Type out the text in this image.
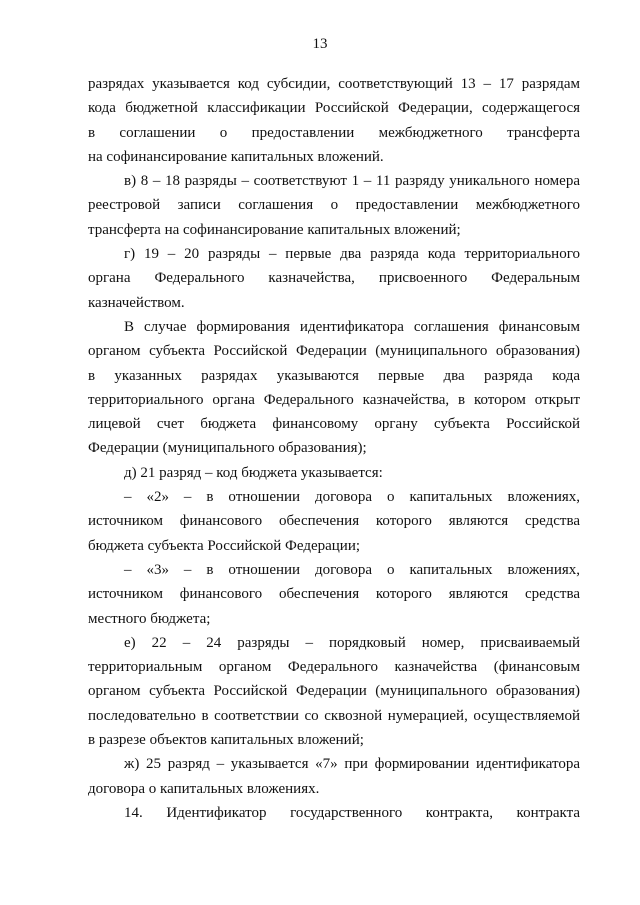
13
разрядах указывается код субсидии, соответствующий 13 – 17 разрядам
кода бюджетной классификации Российской Федерации, содержащегося
в соглашении о предоставлении межбюджетного трансферта
на софинансирование капитальных вложений.
в) 8 – 18 разряды – соответствуют 1 – 11 разряду уникального номера
реестровой записи соглашения о предоставлении межбюджетного
трансферта на софинансирование капитальных вложений;
г) 19 – 20 разряды – первые два разряда кода территориального
органа Федерального казначейства, присвоенного Федеральным
казначейством.
В случае формирования идентификатора соглашения финансовым
органом субъекта Российской Федерации (муниципального образования)
в указанных разрядах указываются первые два разряда кода
территориального органа Федерального казначейства, в котором открыт
лицевой счет бюджета финансовому органу субъекта Российской
Федерации (муниципального образования);
д) 21 разряд – код бюджета указывается:
– «2» – в отношении договора о капитальных вложениях,
источником финансового обеспечения которого являются средства
бюджета субъекта Российской Федерации;
– «3» – в отношении договора о капитальных вложениях,
источником финансового обеспечения которого являются средства
местного бюджета;
е) 22 – 24 разряды – порядковый номер, присваиваемый
территориальным органом Федерального казначейства (финансовым
органом субъекта Российской Федерации (муниципального образования)
последовательно в соответствии со сквозной нумерацией, осуществляемой
в разрезе объектов капитальных вложений;
ж) 25 разряд – указывается «7» при формировании идентификатора
договора о капитальных вложениях.
14. Идентификатор государственного контракта, контракта
